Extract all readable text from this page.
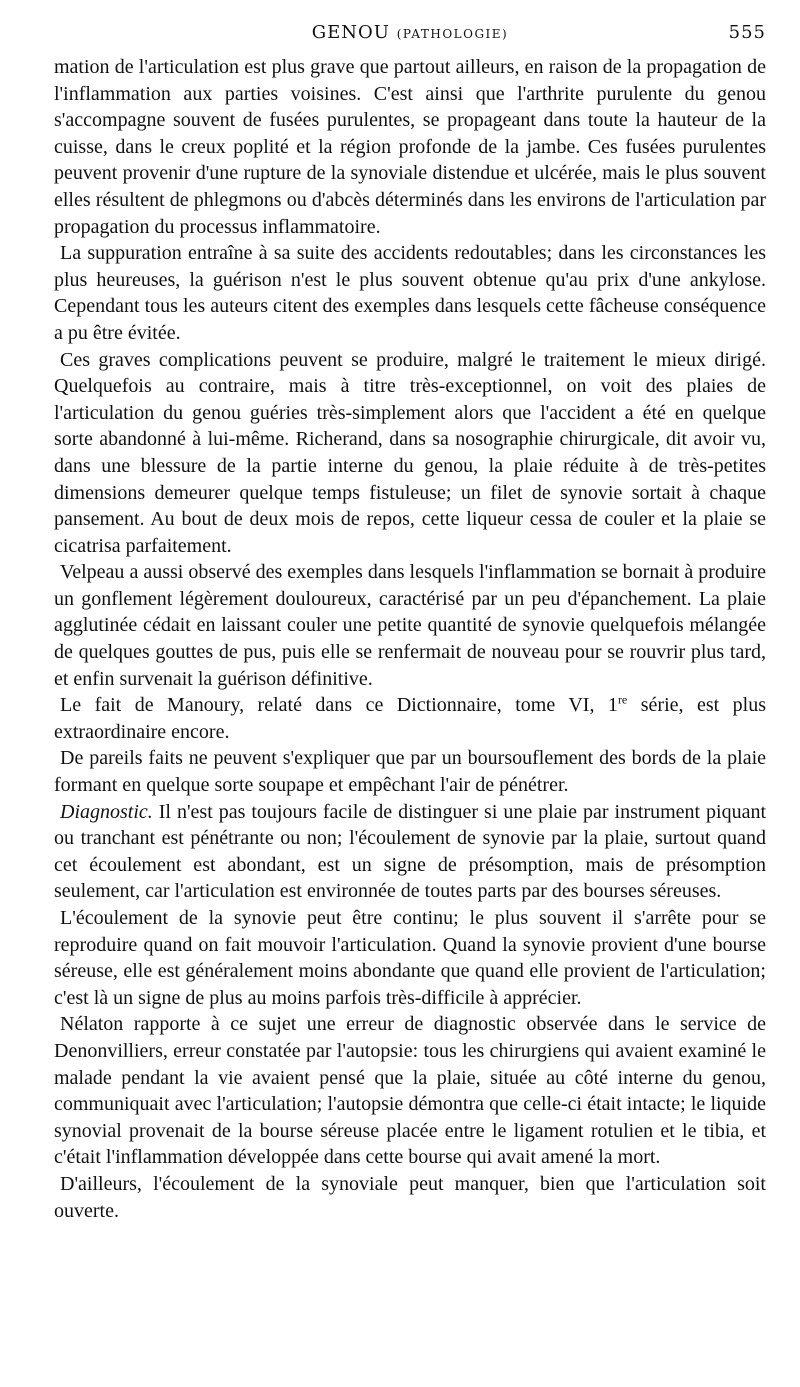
GENOU (PATHOLOGIE)	555

mation de l'articulation est plus grave que partout ailleurs, en raison de la propagation de l'inflammation aux parties voisines. C'est ainsi que l'arthrite purulente du genou s'accompagne souvent de fusées purulentes, se propageant dans toute la hauteur de la cuisse, dans le creux poplité et la région profonde de la jambe. Ces fusées purulentes peuvent provenir d'une rupture de la synoviale distendue et ulcérée, mais le plus souvent elles résultent de phlegmons ou d'abcès déterminés dans les environs de l'articulation par propagation du processus inflammatoire.

La suppuration entraîne à sa suite des accidents redoutables; dans les circonstances les plus heureuses, la guérison n'est le plus souvent obtenue qu'au prix d'une ankylose. Cependant tous les auteurs citent des exemples dans lesquels cette fâcheuse conséquence a pu être évitée.

Ces graves complications peuvent se produire, malgré le traitement le mieux dirigé. Quelquefois au contraire, mais à titre très-exceptionnel, on voit des plaies de l'articulation du genou guéries très-simplement alors que l'accident a été en quelque sorte abandonné à lui-même. Richerand, dans sa nosographie chirurgicale, dit avoir vu, dans une blessure de la partie interne du genou, la plaie réduite à de très-petites dimensions demeurer quelque temps fistuleuse; un filet de synovie sortait à chaque pansement. Au bout de deux mois de repos, cette liqueur cessa de couler et la plaie se cicatrisa parfaitement.

Velpeau a aussi observé des exemples dans lesquels l'inflammation se bornait à produire un gonflement légèrement douloureux, caractérisé par un peu d'épanchement. La plaie agglutinée cédait en laissant couler une petite quantité de synovie quelquefois mélangée de quelques gouttes de pus, puis elle se renfermait de nouveau pour se rouvrir plus tard, et enfin survenait la guérison définitive.

Le fait de Manoury, relaté dans ce Dictionnaire, tome VI, 1re série, est plus extraordinaire encore.

De pareils faits ne peuvent s'expliquer que par un boursouflement des bords de la plaie formant en quelque sorte soupape et empêchant l'air de pénétrer.

Diagnostic. Il n'est pas toujours facile de distinguer si une plaie par instrument piquant ou tranchant est pénétrante ou non; l'écoulement de synovie par la plaie, surtout quand cet écoulement est abondant, est un signe de présomption, mais de présomption seulement, car l'articulation est environnée de toutes parts par des bourses séreuses.

L'écoulement de la synovie peut être continu; le plus souvent il s'arrête pour se reproduire quand on fait mouvoir l'articulation. Quand la synovie provient d'une bourse séreuse, elle est généralement moins abondante que quand elle provient de l'articulation; c'est là un signe de plus au moins parfois très-difficile à apprécier.

Nélaton rapporte à ce sujet une erreur de diagnostic observée dans le service de Denonvilliers, erreur constatée par l'autopsie: tous les chirurgiens qui avaient examiné le malade pendant la vie avaient pensé que la plaie, située au côté interne du genou, communiquait avec l'articulation; l'autopsie démontra que celle-ci était intacte; le liquide synovial provenait de la bourse séreuse placée entre le ligament rotulien et le tibia, et c'était l'inflammation développée dans cette bourse qui avait amené la mort.

D'ailleurs, l'écoulement de la synoviale peut manquer, bien que l'articulation soit ouverte.
